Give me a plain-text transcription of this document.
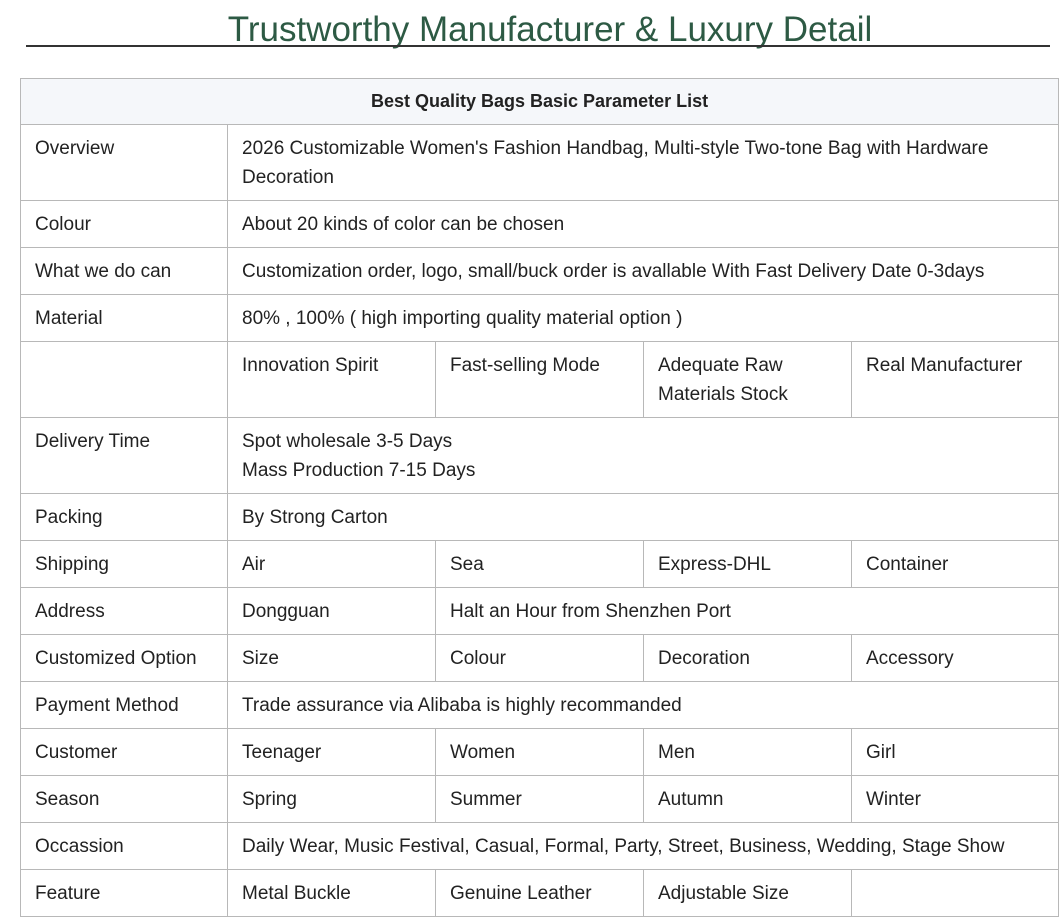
Trustworthy Manufacturer & Luxury Detail
Best Quality Bags Basic Parameter List				
Overview	2026 Customizable Women's Fashion Handbag, Multi-style Two-tone Bag with Hardware Decoration			
Colour	About 20 kinds of color can be chosen			
What we do can	Customization order, logo, small/buck order is avallable With Fast Delivery Date 0-3days			
Material	80% , 100% ( high importing quality material option )			
	Innovation Spirit	Fast-selling Mode	Adequate Raw Materials Stock	Real Manufacturer
Delivery Time	Spot wholesale 3-5 Days
Mass Production 7-15 Days			

Packing	By Strong Carton			
Shipping	Air	Sea	Express-DHL	Container
Address	Dongguan	Halt an Hour from Shenzhen Port		
Customized Option	Size	Colour	Decoration	Accessory
Payment Method	Trade assurance via Alibaba is highly recommanded			
Customer	Teenager	Women	Men	Girl
Season	Spring	Summer	Autumn	Winter
Occassion	Daily Wear, Music Festival, Casual, Formal, Party, Street, Business, Wedding, Stage Show			
Feature	Metal Buckle	Genuine Leather	Adjustable Size	
